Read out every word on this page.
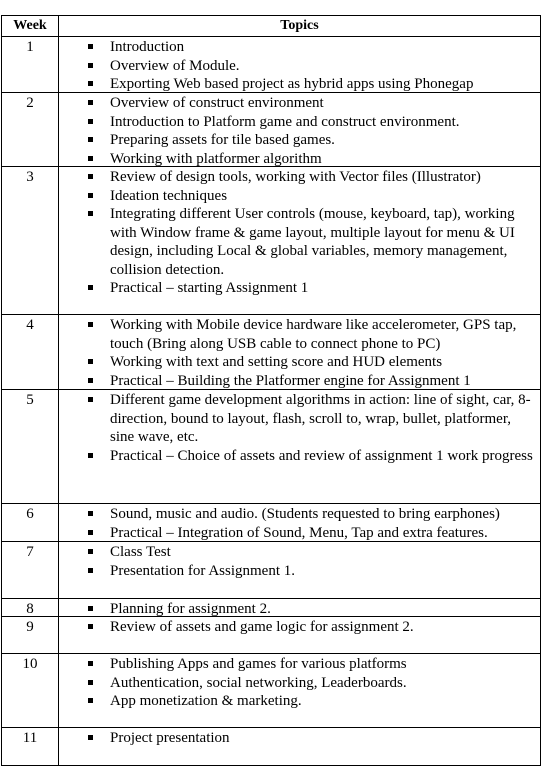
Week	Topics
1	Introduction
Overview of Module.
Exporting Web based project as hybrid apps using Phonegap
2	Overview of construct environment
Introduction to Platform game and construct environment.
Preparing assets for tile based games.
Working with platformer algorithm
3	Review of design tools, working with Vector files (Illustrator)
Ideation techniques
Integrating different User controls (mouse, keyboard, tap), working with Window frame & game layout, multiple layout for menu & UI design, including Local & global variables, memory management, collision detection.
Practical – starting Assignment 1
4	Working with Mobile device hardware like accelerometer, GPS tap, touch (Bring along USB cable to connect phone to PC)
Working with text and setting score and HUD elements
Practical – Building the Platformer engine for Assignment 1
5	Different game development algorithms in action: line of sight, car, 8-direction, bound to layout, flash, scroll to, wrap, bullet, platformer, sine wave, etc.
Practical – Choice of assets and review of assignment 1 work progress
6	Sound, music and audio. (Students requested to bring earphones)
Practical – Integration of Sound, Menu, Tap and extra features.
7	Class Test
Presentation for Assignment 1.
8	Planning for assignment 2.
9	Review of assets and game logic for assignment 2.
10	Publishing Apps and games for various platforms
Authentication, social networking, Leaderboards.
App monetization & marketing.
11	Project presentation
